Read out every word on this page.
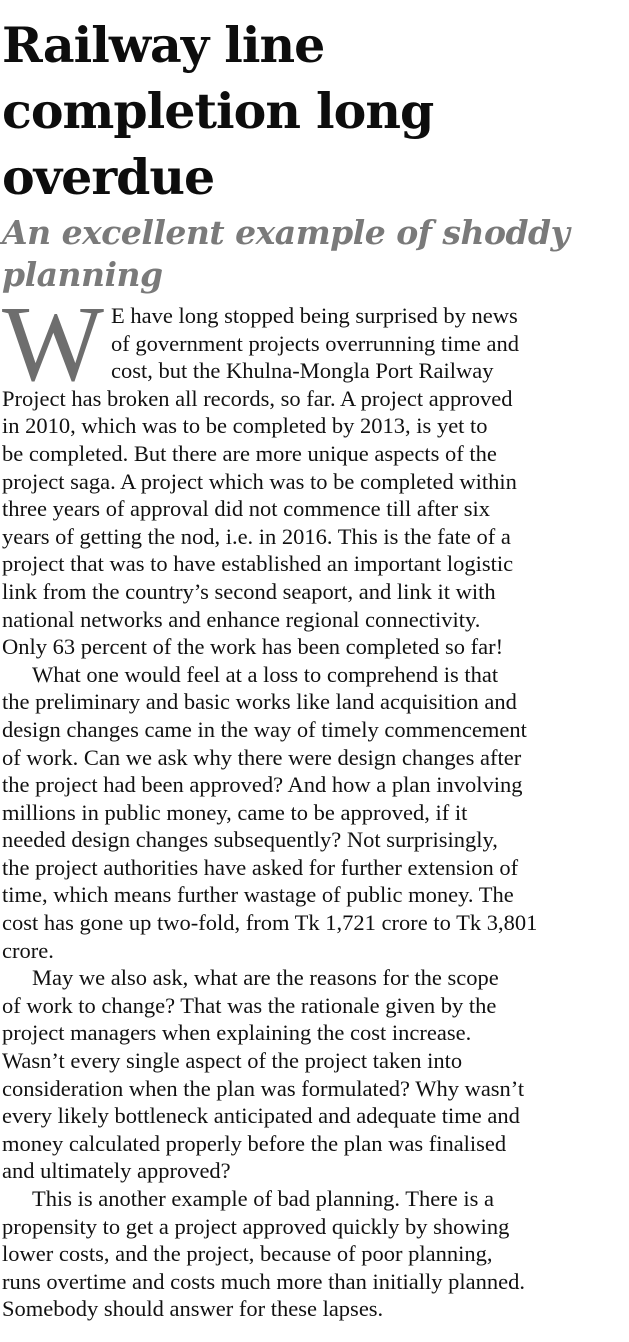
Railway line
completion long
overdue
An excellent example of shoddy
planning
W E have long stopped being surprised by news
of government projects overrunning time and
cost, but the Khulna-Mongla Port Railway
Project has broken all records, so far. A project approved
in 2010, which was to be completed by 2013, is yet to
be completed. But there are more unique aspects of the
project saga. A project which was to be completed within
three years of approval did not commence till after six
years of getting the nod, i.e. in 2016. This is the fate of a
project that was to have established an important logistic
link from the country’s second seaport, and link it with
national networks and enhance regional connectivity.
Only 63 percent of the work has been completed so far!
What one would feel at a loss to comprehend is that
the preliminary and basic works like land acquisition and
design changes came in the way of timely commencement
of work. Can we ask why there were design changes after
the project had been approved? And how a plan involving
millions in public money, came to be approved, if it
needed design changes subsequently? Not surprisingly,
the project authorities have asked for further extension of
time, which means further wastage of public money. The
cost has gone up two-fold, from Tk 1,721 crore to Tk 3,801
crore.
May we also ask, what are the reasons for the scope
of work to change? That was the rationale given by the
project managers when explaining the cost increase.
Wasn’t every single aspect of the project taken into
consideration when the plan was formulated? Why wasn’t
every likely bottleneck anticipated and adequate time and
money calculated properly before the plan was finalised
and ultimately approved?
This is another example of bad planning. There is a
propensity to get a project approved quickly by showing
lower costs, and the project, because of poor planning,
runs overtime and costs much more than initially planned.
Somebody should answer for these lapses.
